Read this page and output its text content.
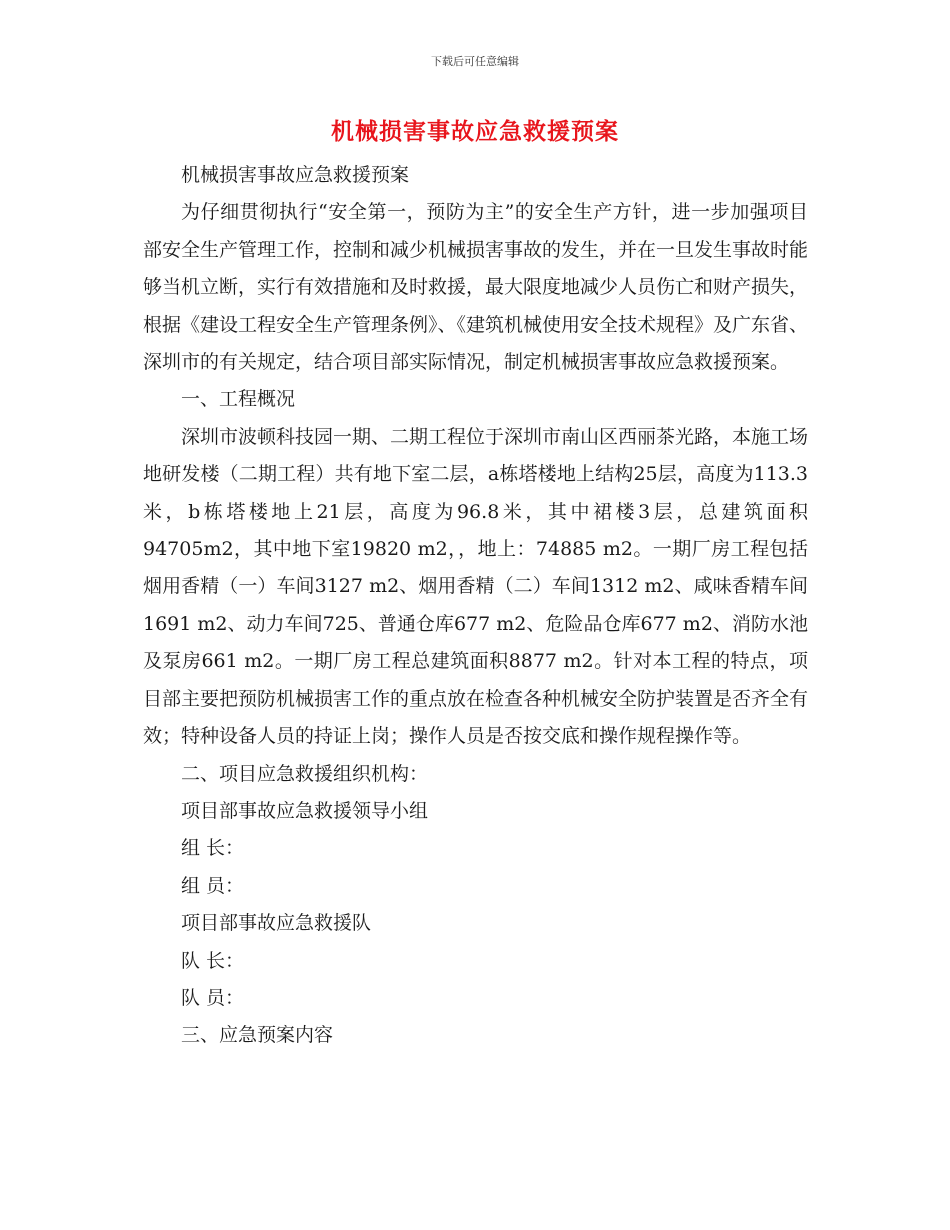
下载后可任意编辑
机械损害事故应急救援预案

机械损害事故应急救援预案

为仔细贯彻执行“安全第一，预防为主”的安全生产方针，进一步加强项目部安全生产管理工作，控制和减少机械损害事故的发生，并在一旦发生事故时能够当机立断，实行有效措施和及时救援，最大限度地减少人员伤亡和财产损失，根据《建设工程安全生产管理条例》、《建筑机械使用安全技术规程》及广东省、深圳市的有关规定，结合项目部实际情况，制定机械损害事故应急救援预案。

一、工程概况

深圳市波顿科技园一期、二期工程位于深圳市南山区西丽茶光路，本施工场地研发楼（二期工程）共有地下室二层，a栋塔楼地上结构25层，高度为113.3米，b栋塔楼地上21层，高度为96.8米，其中裙楼3层，总建筑面积94705m2，其中地下室19820 m2，，地上：74885 m2。一期厂房工程包括烟用香精（一）车间3127 m2、烟用香精（二）车间1312 m2、咸味香精车间1691 m2、动力车间725、普通仓库677 m2、危险品仓库677 m2、消防水池及泵房661 m2。一期厂房工程总建筑面积8877 m2。针对本工程的特点，项目部主要把预防机械损害工作的重点放在检查各种机械安全防护装置是否齐全有效；特种设备人员的持证上岗；操作人员是否按交底和操作规程操作等。

二、项目应急救援组织机构：

项目部事故应急救援领导小组

组 长：

组 员：

项目部事故应急救援队

队 长：

队 员：

三、应急预案内容
